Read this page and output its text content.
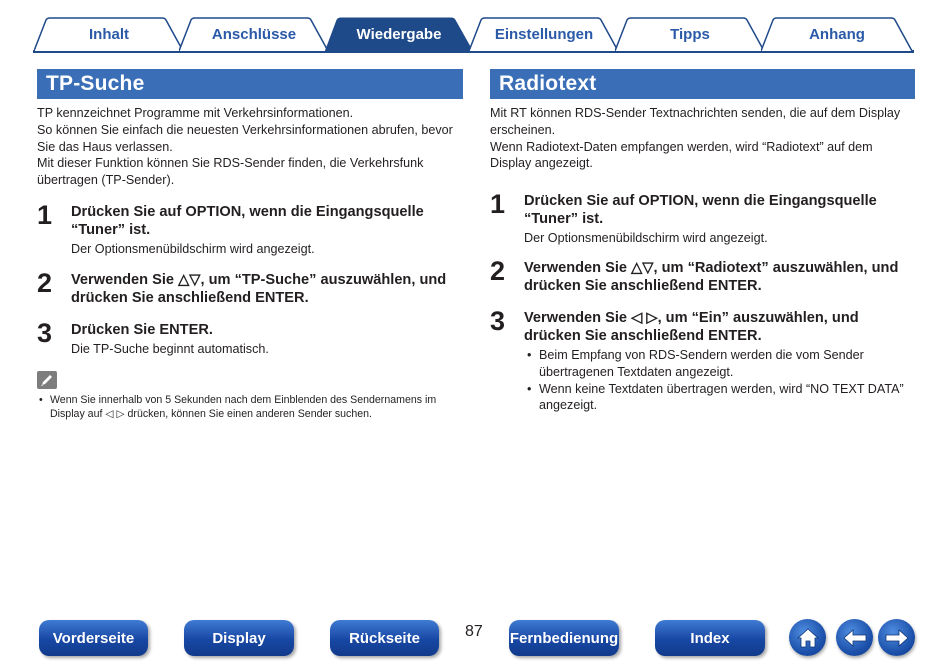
Inhalt	Anschlüsse	Wiedergabe	Einstellungen	Tipps	Anhang
TP-Suche

TP kennzeichnet Programme mit Verkehrsinformationen.

So können Sie einfach die neuesten Verkehrsinformationen abrufen, bevor Sie das Haus verlassen.

Mit dieser Funktion können Sie RDS-Sender finden, die Verkehrsfunk übertragen (TP-Sender).

1 Drücken Sie auf OPTION, wenn die Eingangsquelle “Tuner” ist.
Der Optionsmenübildschirm wird angezeigt.
2 Verwenden Sie △▽, um “TP-Suche” auszuwählen, und drücken Sie anschließend ENTER.
3 Drücken Sie ENTER.
Die TP-Suche beginnt automatisch.
• Wenn Sie innerhalb von 5 Sekunden nach dem Einblenden des Sendernamens im Display auf ◁ ▷ drücken, können Sie einen anderen Sender suchen.
Radiotext

Mit RT können RDS-Sender Textnachrichten senden, die auf dem Display erscheinen.

Wenn Radiotext-Daten empfangen werden, wird “Radiotext” auf dem Display angezeigt.

1 Drücken Sie auf OPTION, wenn die Eingangsquelle “Tuner” ist.
Der Optionsmenübildschirm wird angezeigt.
2 Verwenden Sie △▽, um “Radiotext” auszuwählen, und drücken Sie anschließend ENTER.
3 Verwenden Sie ◁ ▷, um “Ein” auszuwählen, und drücken Sie anschließend ENTER.
• Beim Empfang von RDS-Sendern werden die vom Sender übertragenen Textdaten angezeigt.
• Wenn keine Textdaten übertragen werden, wird “NO TEXT DATA” angezeigt.
Vorderseite	Display	Rückseite	87 Fernbedienung	Index
